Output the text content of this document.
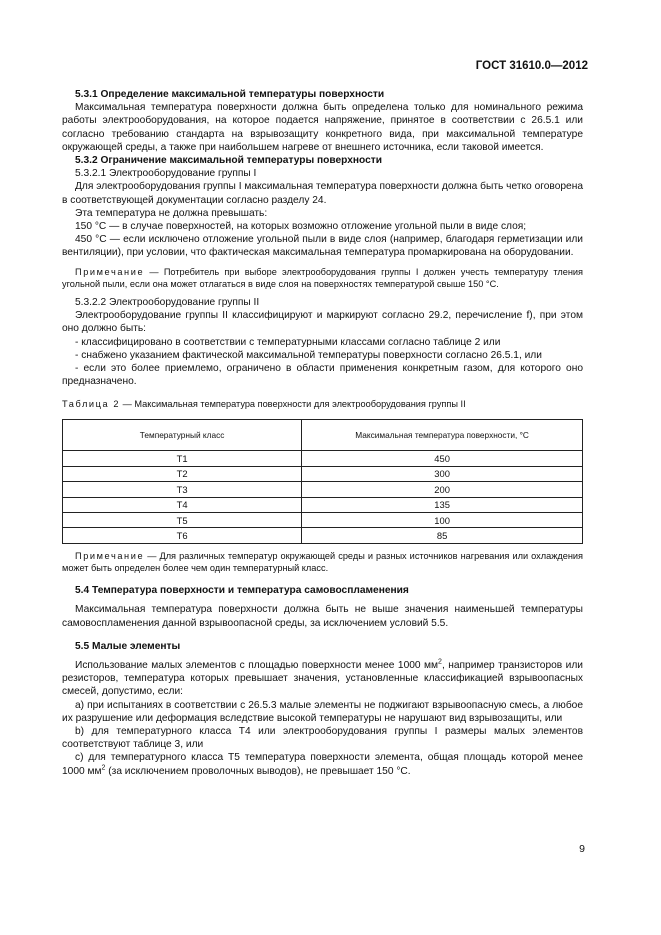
ГОСТ 31610.0—2012

5.3.1 Определение максимальной температуры поверхности

Максимальная температура поверхности должна быть определена только для номинального режима работы электрооборудования, на которое подается напряжение, принятое в соответствии с 26.5.1 или согласно требованию стандарта на взрывозащиту конкретного вида, при максимальной температуре окружающей среды, а также при наибольшем нагреве от внешнего источника, если таковой имеется.

5.3.2 Ограничение максимальной температуры поверхности

5.3.2.1 Электрооборудование группы I

Для электрооборудования группы I максимальная температура поверхности должна быть четко оговорена в соответствующей документации согласно разделу 24.

Эта температура не должна превышать:

150 °С — в случае поверхностей, на которых возможно отложение угольной пыли в виде слоя;

450 °С — если исключено отложение угольной пыли в виде слоя (например, благодаря герметизации или вентиляции), при условии, что фактическая максимальная температура промаркирована на оборудовании.

Примечание — Потребитель при выборе электрооборудования группы I должен учесть температуру тления угольной пыли, если она может отлагаться в виде слоя на поверхностях температурой свыше 150 °С.

5.3.2.2 Электрооборудование группы II

Электрооборудование группы II классифицируют и маркируют согласно 29.2, перечисление f), при этом оно должно быть:

- классифицировано в соответствии с температурными классами согласно таблице 2 или

- снабжено указанием фактической максимальной температуры поверхности согласно 26.5.1, или

- если это более приемлемо, ограничено в области применения конкретным газом, для которого оно предназначено.

Таблица 2 — Максимальная температура поверхности для электрооборудования группы II

Температурный класс	Максимальная температура поверхности, °С
Т1	450
Т2	300
Т3	200
Т4	135
Т5	100
Т6	85

Примечание — Для различных температур окружающей среды и разных источников нагревания или охлаждения может быть определен более чем один температурный класс.

5.4 Температура поверхности и температура самовоспламенения

Максимальная температура поверхности должна быть не выше значения наименьшей температуры самовоспламенения данной взрывоопасной среды, за исключением условий 5.5.

5.5 Малые элементы

Использование малых элементов с площадью поверхности менее 1000 $мм^2$, например транзисторов или резисторов, температура которых превышает значения, установленные классификацией взрывоопасных смесей, допустимо, если:

a) при испытаниях в соответствии с 26.5.3 малые элементы не поджигают взрывоопасную смесь, а любое их разрушение или деформация вследствие высокой температуры не нарушают вид взрывозащиты, или

b) для температурного класса Т4 или электрооборудования группы I размеры малых элементов соответствуют таблице 3, или

c) для температурного класса Т5 температура поверхности элемента, общая площадь которой менее 1000 $мм^2$ (за исключением проволочных выводов), не превышает 150 °С.

9
